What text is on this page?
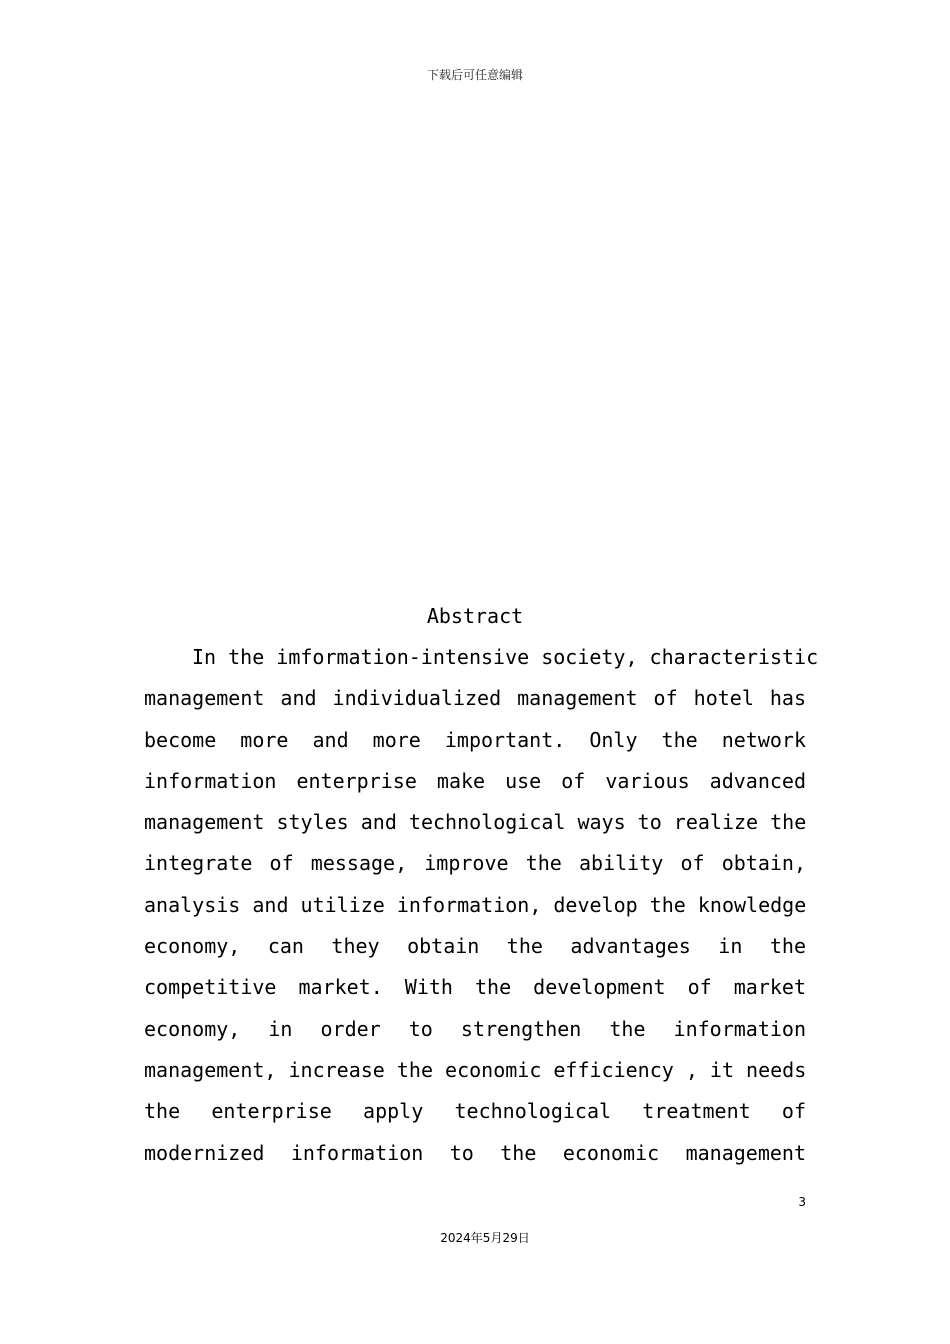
下载后可任意编辑
Abstract
In the imformation-intensive society, characteristic
management and individualized management of hotel has
become more and more important. Only the network
information enterprise make use of various advanced
management styles and technological ways to realize the
integrate of message, improve the ability of obtain,
analysis and utilize information, develop the knowledge
economy, can they obtain the advantages in the
competitive market. With the development of market
economy, in order to strengthen the information
management, increase the economic efficiency , it needs
the enterprise apply technological treatment of
modernized information to the economic management
3
2024年5月29日
